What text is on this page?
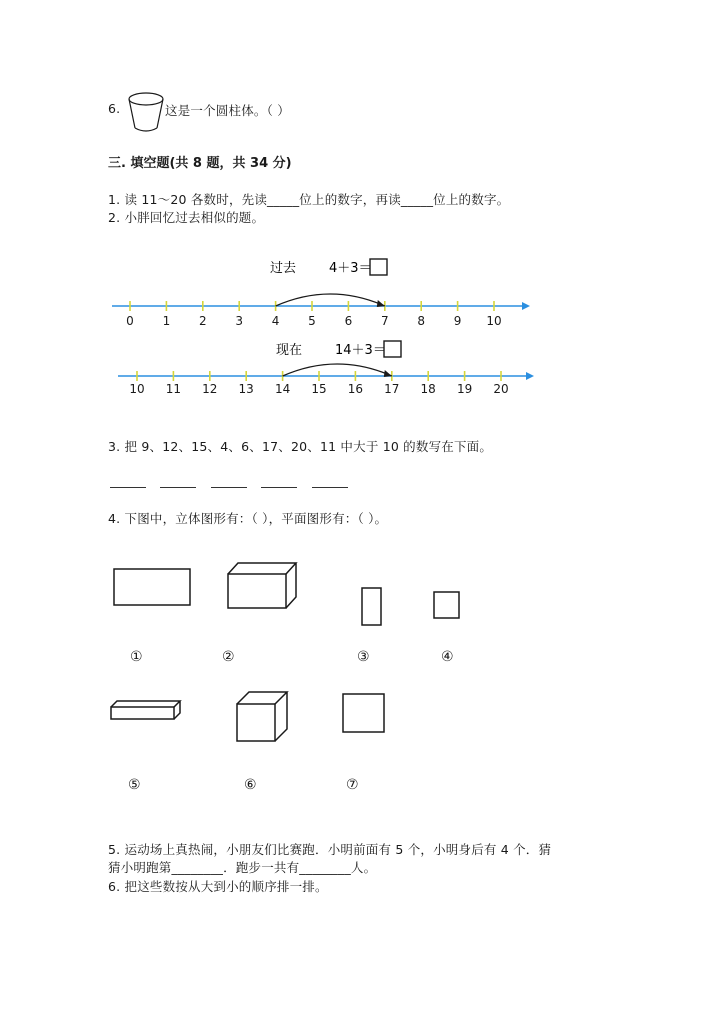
6.	这是一个圆柱体。（ ）
三. 填空题(共 8 题，共 34 分)
1. 读 11～20 各数时，先读_____位上的数字，再读_____位上的数字。
2. 小胖回忆过去相似的题。
过去	4＋3＝
0 1 2 3 4 5 6 7 8 9 10
现在	14＋3＝
10 11 12 13 14 15 16 17 18 19 20
3. 把 9、12、15、4、6、17、20、11 中大于 10 的数写在下面。
4. 下图中，立体图形有：（ ），平面图形有：（ ）。
①	②	③	④
⑤	⑥	⑦
5. 运动场上真热闹，小朋友们比赛跑．小明前面有 5 个，小明身后有 4 个．猜
猜小明跑第________．跑步一共有________人。
6. 把这些数按从大到小的顺序排一排。
